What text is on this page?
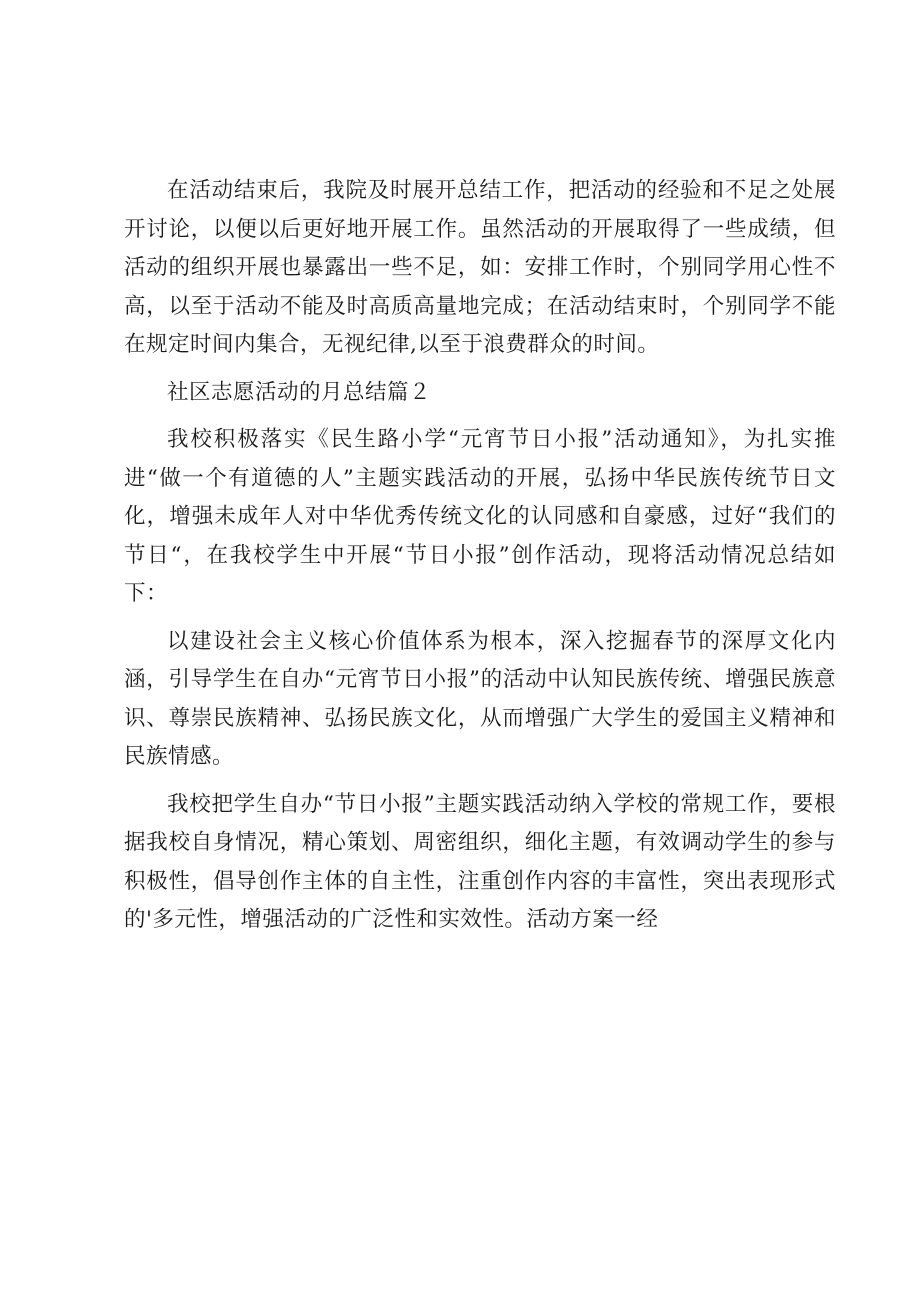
在活动结束后，我院及时展开总结工作，把活动的经验和不足之处展开讨论，以便以后更好地开展工作。虽然活动的开展取得了一些成绩，但活动的组织开展也暴露出一些不足，如：安排工作时，个别同学用心性不高，以至于活动不能及时高质高量地完成；在活动结束时，个别同学不能在规定时间内集合，无视纪律,以至于浪费群众的时间。

社区志愿活动的月总结篇２

我校积极落实《民生路小学“元宵节日小报”活动通知》，为扎实推进“做一个有道德的人”主题实践活动的开展，弘扬中华民族传统节日文化，增强未成年人对中华优秀传统文化的认同感和自豪感，过好“我们的节日“，在我校学生中开展“节日小报”创作活动，现将活动情况总结如下：

以建设社会主义核心价值体系为根本，深入挖掘春节的深厚文化内涵，引导学生在自办“元宵节日小报”的活动中认知民族传统、增强民族意识、尊崇民族精神、弘扬民族文化，从而增强广大学生的爱国主义精神和民族情感。

我校把学生自办“节日小报”主题实践活动纳入学校的常规工作，要根据我校自身情况，精心策划、周密组织，细化主题，有效调动学生的参与积极性，倡导创作主体的自主性，注重创作内容的丰富性，突出表现形式的'多元性，增强活动的广泛性和实效性。活动方案一经
